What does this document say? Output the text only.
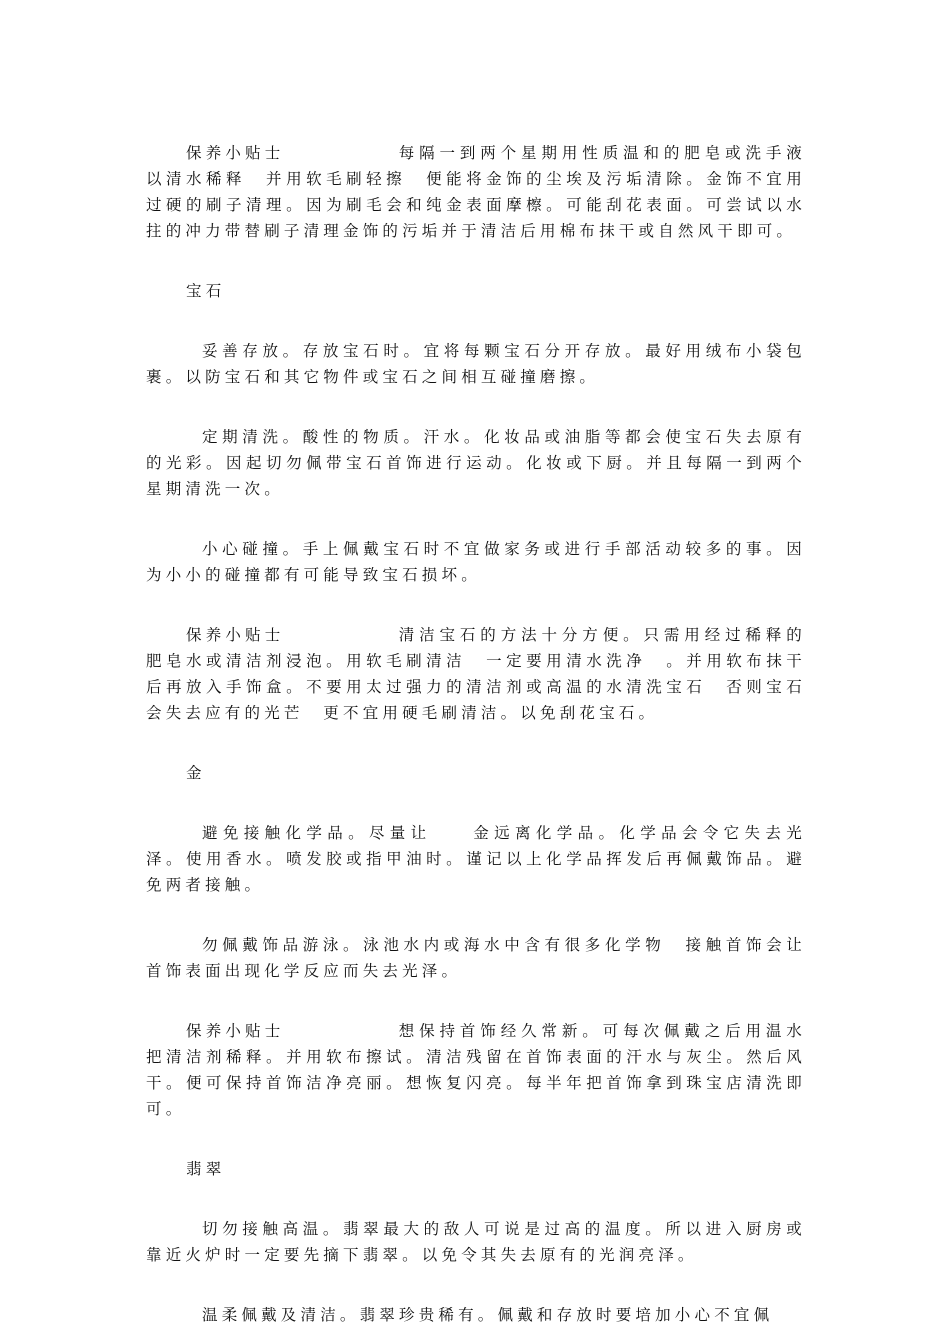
保养小贴士	每隔一到两个星期用性质温和的肥皂或洗手液以清水稀释　并用软毛刷轻擦　便能将金饰的尘埃及污垢清除。金饰不宜用过硬的刷子清理。因为刷毛会和纯金表面摩檫。可能刮花表面。可尝试以水拄的冲力带替刷子清理金饰的污垢并于清洁后用棉布抹干或自然风干即可。

宝石

妥善存放。存放宝石时。宜将每颗宝石分开存放。最好用绒布小袋包裹。以防宝石和其它物件或宝石之间相互碰撞磨擦。

定期清洗。酸性的物质。汗水。化妆品或油脂等都会使宝石失去原有的光彩。因起切勿佩带宝石首饰进行运动。化妆或下厨。并且每隔一到两个星期清洗一次。

小心碰撞。手上佩戴宝石时不宜做家务或进行手部活动较多的事。因为小小的碰撞都有可能导致宝石损坏。

保养小贴士	清洁宝石的方法十分方便。只需用经过稀释的肥皂水或清洁剂浸泡。用软毛刷清洁　一定要用清水洗净　。并用软布抹干后再放入手饰盒。不要用太过强力的清洁剂或高温的水清洗宝石　否则宝石会失去应有的光芒　更不宜用硬毛刷清洁。以免刮花宝石。

金

避免接触化学品。尽量让　　金远离化学品。化学品会令它失去光泽。使用香水。喷发胶或指甲油时。谨记以上化学品挥发后再佩戴饰品。避免两者接触。

勿佩戴饰品游泳。泳池水内或海水中含有很多化学物　接触首饰会让首饰表面出现化学反应而失去光泽。

保养小贴士	想保持首饰经久常新。可每次佩戴之后用温水把清洁剂稀释。并用软布擦试。清洁残留在首饰表面的汗水与灰尘。然后风干。便可保持首饰洁净亮丽。想恢复闪亮。每半年把首饰拿到珠宝店清洗即可。

翡翠

切勿接触高温。翡翠最大的敌人可说是过高的温度。所以进入厨房或靠近火炉时一定要先摘下翡翠。以免令其失去原有的光润亮泽。

温柔佩戴及清洁。翡翠珍贵稀有。佩戴和存放时要培加小心不宜佩
